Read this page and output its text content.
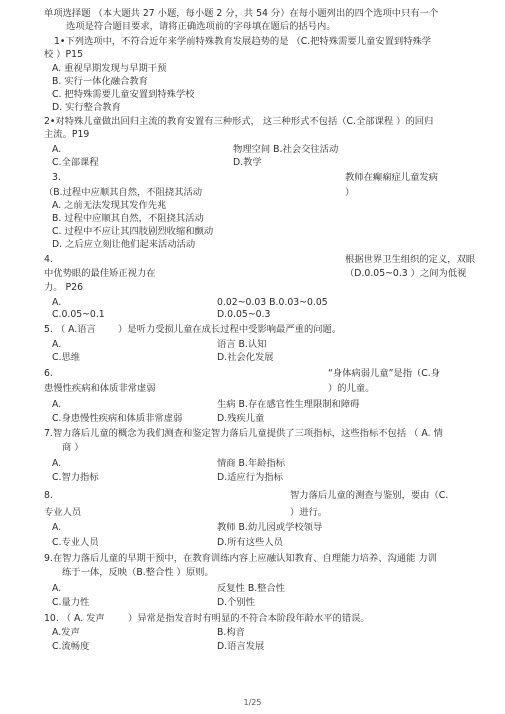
单项选择题 （本大题共 27 小题，每小题 2 分，共 54 分）在每小题列出的四个选项中只有一个
选项是符合题目要求，请将正确选项前的字母填在题后的括号内。
1•下列选项中，不符合近年来学前特殊教育发展趋势的是 （C.把特殊需要儿童安置到特殊学
校 ）P15
A. 重视早期发现与早期干预
B. 实行一体化融合教育
C. 把特殊需要儿童安置到特殊学校
D. 实行整合教育
2•对特殊儿童做出回归主流的教育安置有三种形式， 这三种形式不包括（C.全部课程 ）的回归
主流。P19
A.	物理空间 B.社会交往活动
C.全部课程	D.教学
3.	教师在癫痫症儿童发病
（B.过程中应顺其自然，不阻挠其活动	）
A. 之前无法发现其发作先兆
B. 过程中应顺其自然，不阻挠其活动
C. 过程中不应让其四肢剧烈收缩和颤动
D. 之后应立刻让他们起来活动活动
4.	根据世界卫生组织的定义，双眼
中优势眼的最佳矫正视力在	（D.0.05~0.3 ）之间为低视
力。 P26
A.	0.02~0.03 B.0.03~0.05
C.0.05~0.1	D.0.05~0.3
5. （ A.语言 ）是听力受损儿童在成长过程中受影响最严重的问题。
A.	语言 B.认知
C.思维	D.社会化发展
6.	“身体病弱儿童”是指（C.身
患慢性疾病和体质非常虚弱	）的儿童。
A.	生病 B.存在感官性生理限制和障碍
C.身患慢性疾病和体质非常虚弱	D.残疾儿童
7.智力落后儿童的概念为我们测查和鉴定智力落后儿童提供了三项指标，这些指标不包括 （ A. 情
商 ）
A.	情商 B.年龄指标
C.智力指标	D.适应行为指标
8.	智力落后儿童的测查与鉴别，要由（C.
专业人员	）进行。
A.	教师 B.幼儿园或学校领导
C.专业人员	D.所有这些人员
9.在智力落后儿童的早期干预中，在教育训练内容上应融认知教育、自理能力培养、沟通能 力训
练于一体，反映（B.整合性 ）原则。
A.	反复性 B.整合性
C.量力性	D.个别性
10. （ A. 发声	）异常是指发音时有明显的不符合本阶段年龄水平的错误。
A.发声	B.构音
C.流畅度	D.语言发展
1/25
